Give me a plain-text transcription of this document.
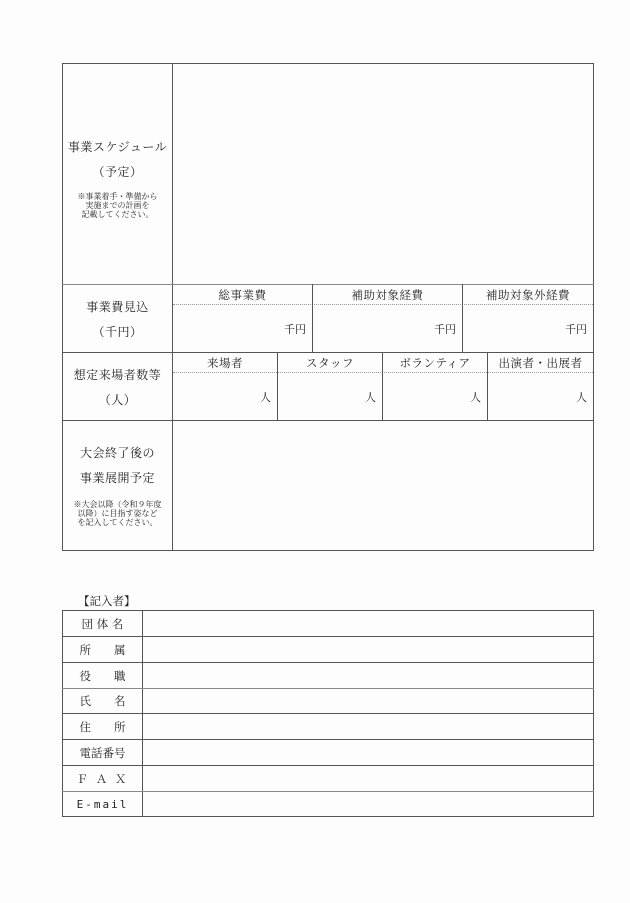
事業スケジュール
（予定）
※事業着手・準備から
実施までの計画を
記載してください。
事業費見込
（千円）
総事業費	補助対象経費	補助対象外経費
千円	千円	千円
想定来場者数等
（人）
来場者	スタッフ	ボランティア	出演者・出展者
人	人	人	人
大会終了後の
事業展開予定
※大会以降（令和９年度
以降）に目指す姿など
を記入してください。
【記入者】
団 体 名
所　　属
役　　職
氏　　名
住　　所
電話番号
Ｆ Ａ Ｘ
E-mail
